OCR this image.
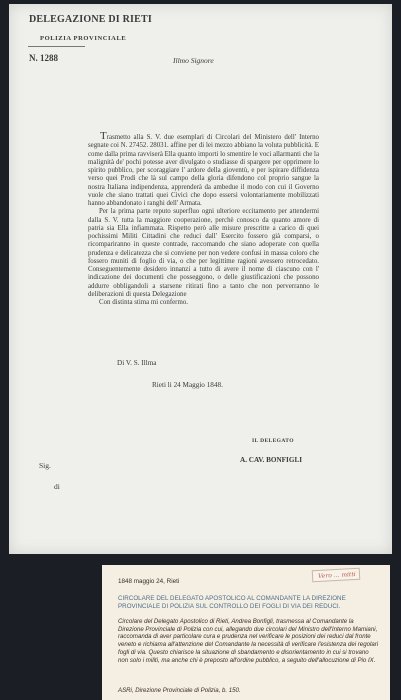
DELEGAZIONE DI RIETI
POLIZIA PROVINCIALE
N. 1288	Illmo Signore

Trasmetto alla S. V. due esemplari di Circolari del Ministero dell' Interno segnate coi N. 27452. 28031. affine per di lei mezzo abbiano la voluta pubblicità. E come dalla prima ravviserà Ella quanto importi lo smentire le voci allarmanti che la malignità de' pochi potesse aver divulgato o studiasse di spargere per opprimere lo spirito pubblico, per scoraggiare l' ardore della gioventù, e per ispirare diffidenza verso quei Prodi che là sul campo della gloria difendono col proprio sangue la nostra Italiana indipendenza, apprenderà da ambedue il modo con cui il Governo vuole che siano trattati quei Civici che dopo essersi volontariamente mobilizzati hanno abbandonato i ranghi dell' Armata.

Per la prima parte reputo superfluo ogni ulteriore eccitamento per attendermi dalla S. V. tutta la maggiore cooperazione, perchè conosco da quanto amore di patria sia Ella infiammata. Rispetto però alle misure prescritte a carico di quei pochissimi Militi Cittadini che reduci dall' Esercito fossero già comparsi, o ricompariranno in queste contrade, raccomando che siano adoperate con quella prudenza e delicatezza che si conviene per non vedere confusi in massa coloro che fossero muniti di foglio di via, o che per legittime ragioni avessero retrocedato. Conseguentemente desidero innanzi a tutto di avere il nome di ciascuno con l' indicazione dei documenti che posseggono, o delle giustificazioni che possono addurre obbligandoli a starsene ritirati fino a tanto che non perverranno le deliberazioni di questa Delegazione

Con distinta stima mi confermo.

Di V. S. Illma
Rieti li 24 Maggio 1848.
IL DELEGATO
A. CAV. BONFIGLI
Sig.
di
1848 maggio 24, Rieti
Vero ... mitti
CIRCOLARE DEL DELEGATO APOSTOLICO AL COMANDANTE LA DIREZIONE PROVINCIALE DI POLIZIA SUL CONTROLLO DEI FOGLI DI VIA DEI REDUCI.
Circolare del Delegato Apostolico di Rieti, Andrea Bonfigli, trasmessa al Comandante la Direzione Provinciale di Polizia con cui, allegando due circolari del Ministro dell'Interno Mamiani, raccomanda di aver particolare cura e prudenza nel verificare le posizioni dei reduci dal fronte veneto e richiama all'attenzione del Comandante la necessità di verificare l'esistenza dei regolari fogli di via. Questo chiarisce la situazione di sbandamento e disorientamento in cui si trovano non solo i militi, ma anche chi è preposto all'ordine pubblico, a seguito dell'allocuzione di Pio IX.
ASRi, Direzione Provinciale di Polizia, b. 150.
